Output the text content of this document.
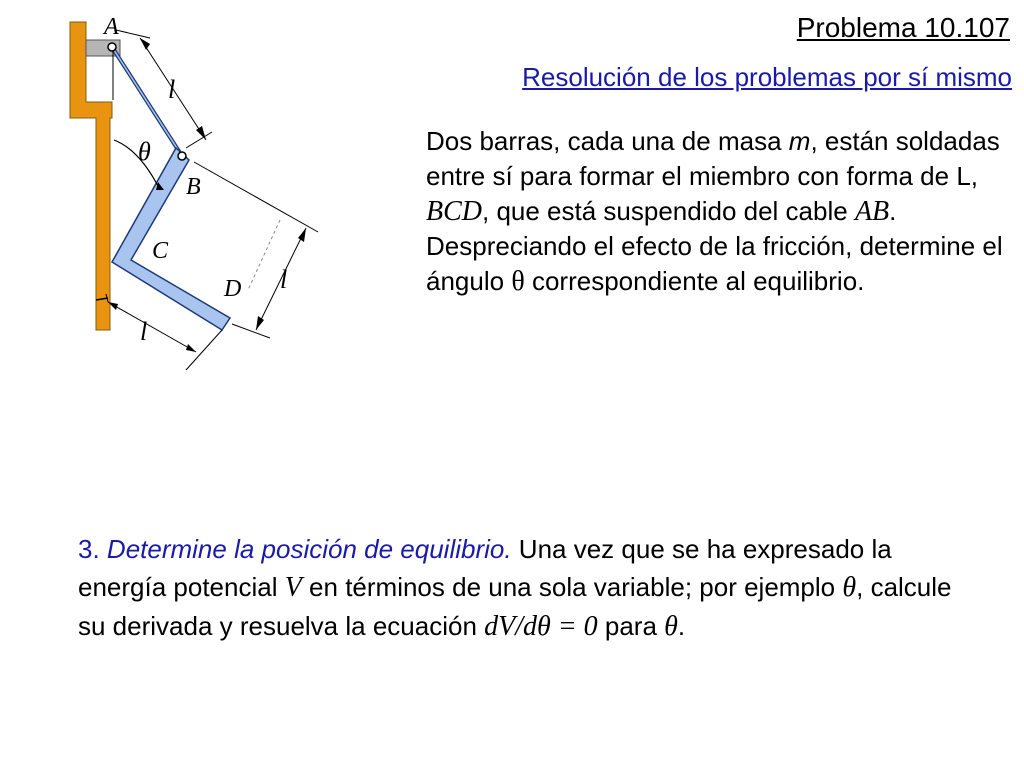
A
l
θ
B
C
l
D
l
Problema 10.107
Resolución de los problemas por sí mismo
Dos barras, cada una de masa m, están soldadas entre sí para formar el miembro con forma de L, BCD, que está suspendido del cable AB. Despreciando el efecto de la fricción, determine el ángulo θ correspondiente al equilibrio.
3. Determine la posición de equilibrio. Una vez que se ha expresado la energía potencial V en términos de una sola variable; por ejemplo θ, calcule su derivada y resuelva la ecuación dV/dθ = 0 para θ.
